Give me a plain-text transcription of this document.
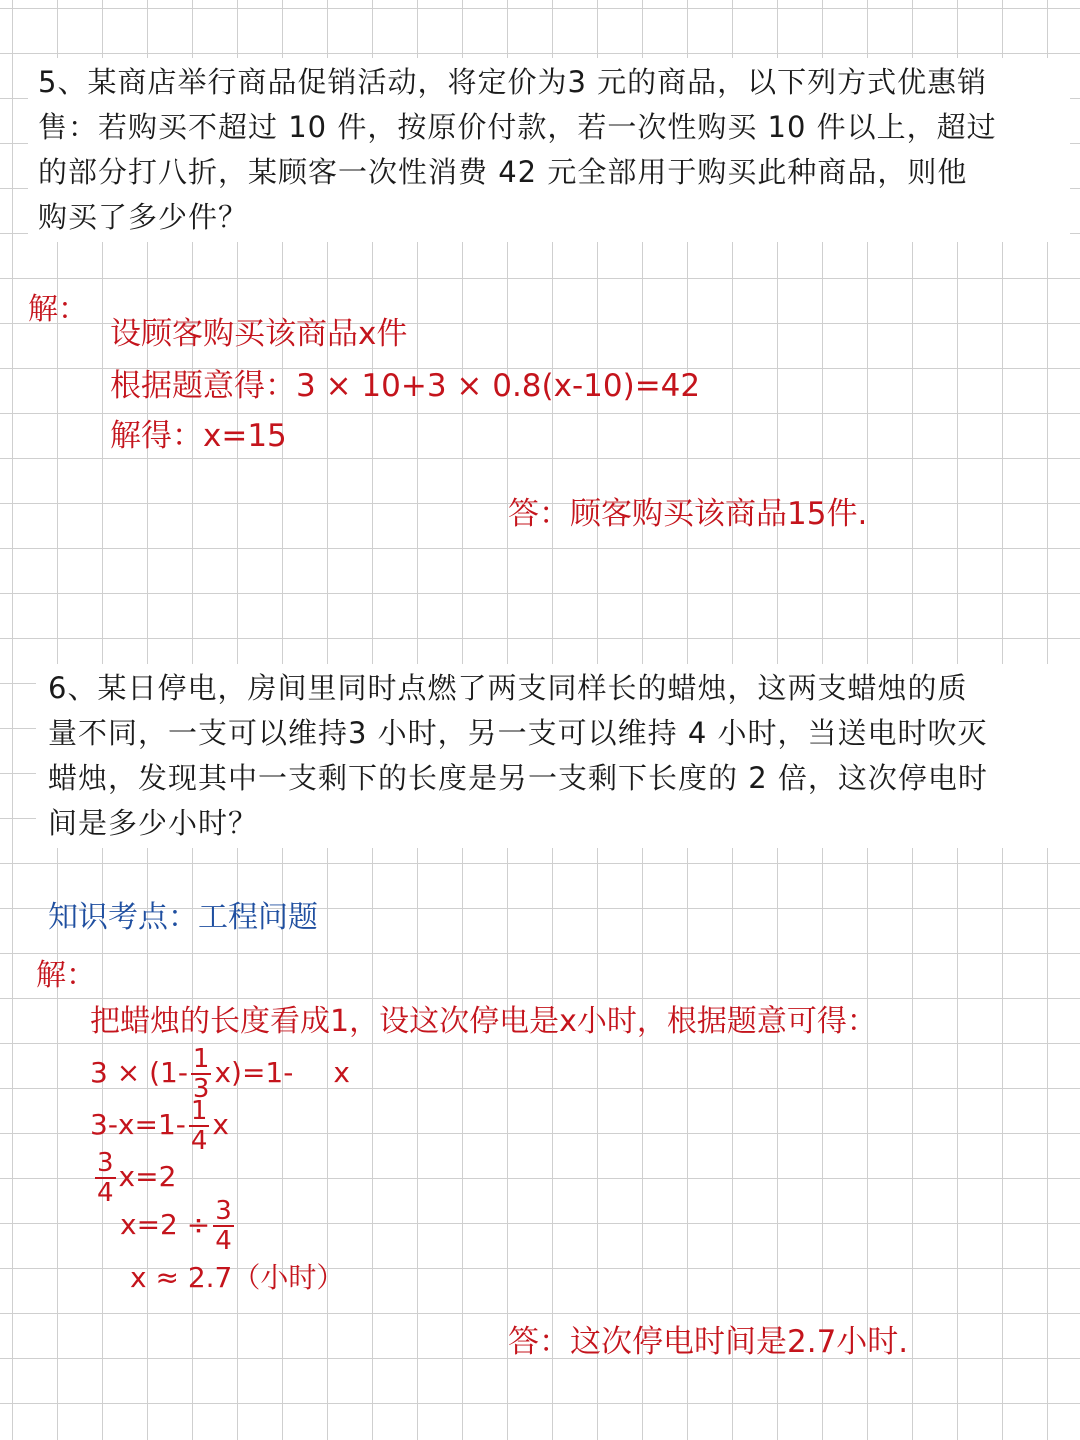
5、某商店举行商品促销活动，将定价为3 元的商品，以下列方式优惠销
售：若购买不超过 10 件，按原价付款，若一次性购买 10 件以上，超过
的部分打八折，某顾客一次性消费 42 元全部用于购买此种商品，则他
购买了多少件？
解：
设顾客购买该商品x件
根据题意得：3 × 10+3 × 0.8(x-10)=42
解得：x=15
答：顾客购买该商品15件.
6、某日停电，房间里同时点燃了两支同样长的蜡烛，这两支蜡烛的质
量不同，一支可以维持3 小时，另一支可以维持 4 小时，当送电时吹灭
蜡烛，发现其中一支剩下的长度是另一支剩下长度的 2 倍，这次停电时
间是多少小时？
知识考点：工程问题
解：
把蜡烛的长度看成1，设这次停电是x小时，根据题意可得：
$3 \times (1- \frac{1}{3} x)=1-$ x
$3-x=1- \frac{1}{4}$ x
$\frac{3}{4} x=2$
$x=2 \div \frac{3}{4}$
x ≈ 2.7（小时）
答：这次停电时间是2.7小时.
